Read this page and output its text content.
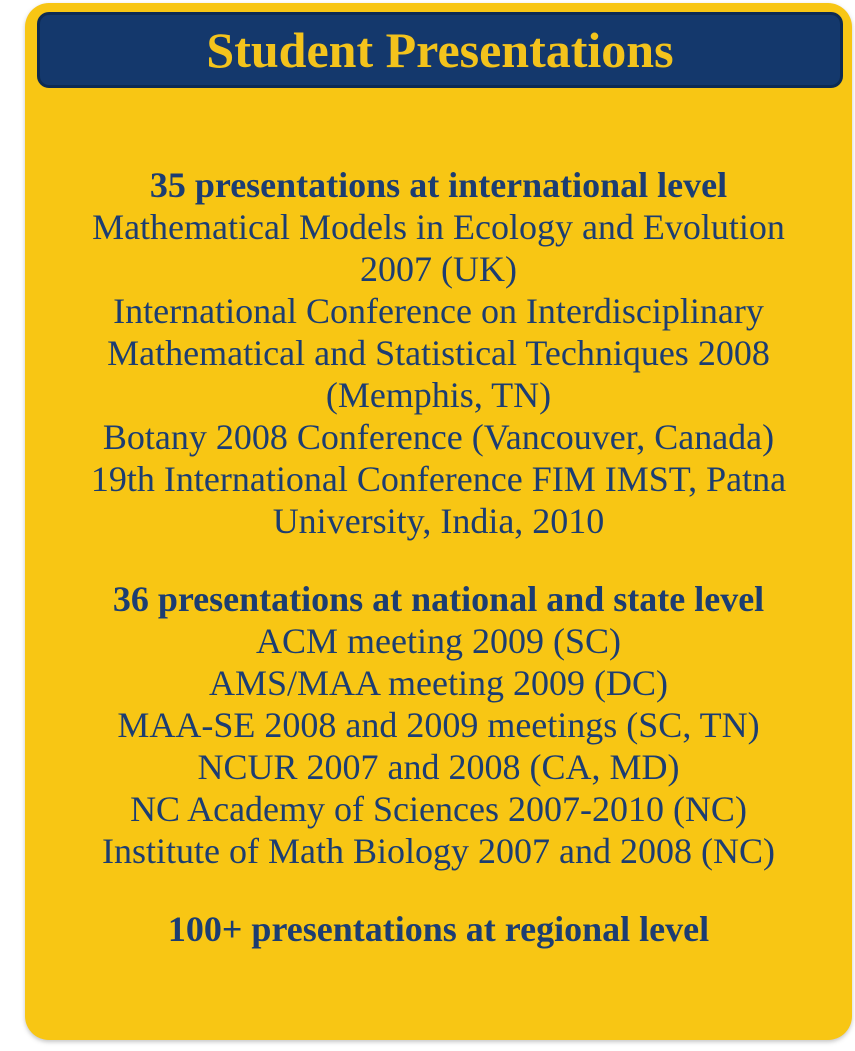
Student Presentations
35 presentations at international level
Mathematical Models in Ecology and Evolution
2007 (UK)
International Conference on Interdisciplinary
Mathematical and Statistical Techniques 2008
(Memphis, TN)
Botany 2008 Conference (Vancouver, Canada)
19th International Conference FIM IMST, Patna
University, India, 2010
36 presentations at national and state level
ACM meeting 2009 (SC)
AMS/MAA meeting 2009 (DC)
MAA-SE 2008 and 2009 meetings (SC, TN)
NCUR 2007 and 2008 (CA, MD)
NC Academy of Sciences 2007-2010 (NC)
Institute of Math Biology 2007 and 2008 (NC)
100+ presentations at regional level
